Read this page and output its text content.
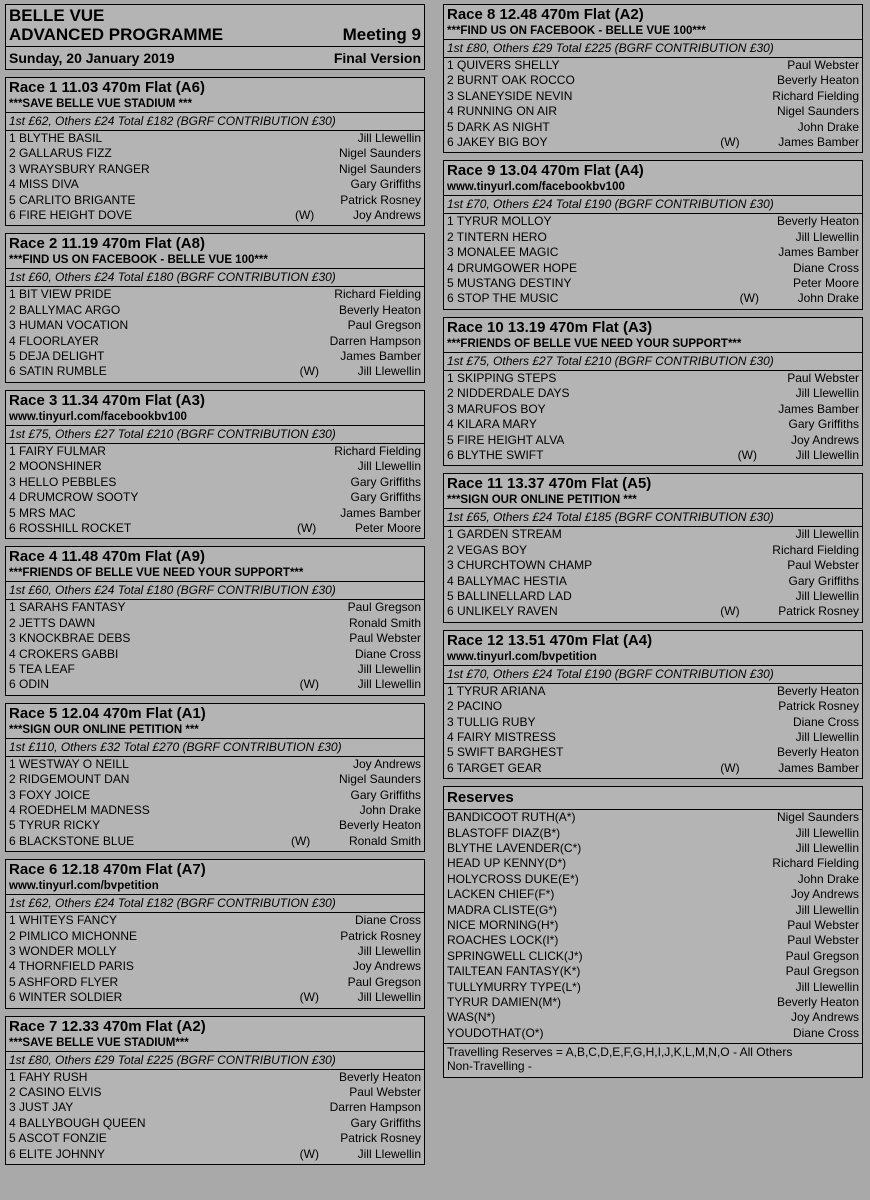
BELLE VUE
ADVANCED PROGRAMME	Meeting 9
Sunday, 20 January 2019	Final Version
Race 1 11.03 470m Flat (A6)
***SAVE BELLE VUE STADIUM ***
1st £62, Others £24 Total £182 (BGRF CONTRIBUTION £30)
1 BLYTHE BASIL	Jill Llewellin
2 GALLARUS FIZZ	Nigel Saunders
3 WRAYSBURY RANGER	Nigel Saunders
4 MISS DIVA	Gary Griffiths
5 CARLITO BRIGANTE	Patrick Rosney
6 FIRE HEIGHT DOVE	(W)	Joy Andrews
Race 2 11.19 470m Flat (A8)
***FIND US ON FACEBOOK - BELLE VUE 100***
1st £60, Others £24 Total £180 (BGRF CONTRIBUTION £30)
1 BIT VIEW PRIDE	Richard Fielding
2 BALLYMAC ARGO	Beverly Heaton
3 HUMAN VOCATION	Paul Gregson
4 FLOORLAYER	Darren Hampson
5 DEJA DELIGHT	James Bamber
6 SATIN RUMBLE	(W)	Jill Llewellin
Race 3 11.34 470m Flat (A3)
www.tinyurl.com/facebookbv100
1st £75, Others £27 Total £210 (BGRF CONTRIBUTION £30)
1 FAIRY FULMAR	Richard Fielding
2 MOONSHINER	Jill Llewellin
3 HELLO PEBBLES	Gary Griffiths
4 DRUMCROW SOOTY	Gary Griffiths
5 MRS MAC	James Bamber
6 ROSSHILL ROCKET	(W)	Peter Moore
Race 4 11.48 470m Flat (A9)
***FRIENDS OF BELLE VUE NEED YOUR SUPPORT***
1st £60, Others £24 Total £180 (BGRF CONTRIBUTION £30)
1 SARAHS FANTASY	Paul Gregson
2 JETTS DAWN	Ronald Smith
3 KNOCKBRAE DEBS	Paul Webster
4 CROKERS GABBI	Diane Cross
5 TEA LEAF	Jill Llewellin
6 ODIN	(W)	Jill Llewellin
Race 5 12.04 470m Flat (A1)
***SIGN OUR ONLINE PETITION ***
1st £110, Others £32 Total £270 (BGRF CONTRIBUTION £30)
1 WESTWAY O NEILL	Joy Andrews
2 RIDGEMOUNT DAN	Nigel Saunders
3 FOXY JOICE	Gary Griffiths
4 ROEDHELM MADNESS	John Drake
5 TYRUR RICKY	Beverly Heaton
6 BLACKSTONE BLUE	(W)	Ronald Smith
Race 6 12.18 470m Flat (A7)
www.tinyurl.com/bvpetition
1st £62, Others £24 Total £182 (BGRF CONTRIBUTION £30)
1 WHITEYS FANCY	Diane Cross
2 PIMLICO MICHONNE	Patrick Rosney
3 WONDER MOLLY	Jill Llewellin
4 THORNFIELD PARIS	Joy Andrews
5 ASHFORD FLYER	Paul Gregson
6 WINTER SOLDIER	(W)	Jill Llewellin
Race 7 12.33 470m Flat (A2)
***SAVE BELLE VUE STADIUM***
1st £80, Others £29 Total £225 (BGRF CONTRIBUTION £30)
1 FAHY RUSH	Beverly Heaton
2 CASINO ELVIS	Paul Webster
3 JUST JAY	Darren Hampson
4 BALLYBOUGH QUEEN	Gary Griffiths
5 ASCOT FONZIE	Patrick Rosney
6 ELITE JOHNNY	(W)	Jill Llewellin
Race 8 12.48 470m Flat (A2)
***FIND US ON FACEBOOK - BELLE VUE 100***
1st £80, Others £29 Total £225 (BGRF CONTRIBUTION £30)
1 QUIVERS SHELLY	Paul Webster
2 BURNT OAK ROCCO	Beverly Heaton
3 SLANEYSIDE NEVIN	Richard Fielding
4 RUNNING ON AIR	Nigel Saunders
5 DARK AS NIGHT	John Drake
6 JAKEY BIG BOY	(W)	James Bamber
Race 9 13.04 470m Flat (A4)
www.tinyurl.com/facebookbv100
1st £70, Others £24 Total £190 (BGRF CONTRIBUTION £30)
1 TYRUR MOLLOY	Beverly Heaton
2 TINTERN HERO	Jill Llewellin
3 MONALEE MAGIC	James Bamber
4 DRUMGOWER HOPE	Diane Cross
5 MUSTANG DESTINY	Peter Moore
6 STOP THE MUSIC	(W)	John Drake
Race 10 13.19 470m Flat (A3)
***FRIENDS OF BELLE VUE NEED YOUR SUPPORT***
1st £75, Others £27 Total £210 (BGRF CONTRIBUTION £30)
1 SKIPPING STEPS	Paul Webster
2 NIDDERDALE DAYS	Jill Llewellin
3 MARUFOS BOY	James Bamber
4 KILARA MARY	Gary Griffiths
5 FIRE HEIGHT ALVA	Joy Andrews
6 BLYTHE SWIFT	(W)	Jill Llewellin
Race 11 13.37 470m Flat (A5)
***SIGN OUR ONLINE PETITION ***
1st £65, Others £24 Total £185 (BGRF CONTRIBUTION £30)
1 GARDEN STREAM	Jill Llewellin
2 VEGAS BOY	Richard Fielding
3 CHURCHTOWN CHAMP	Paul Webster
4 BALLYMAC HESTIA	Gary Griffiths
5 BALLINELLARD LAD	Jill Llewellin
6 UNLIKELY RAVEN	(W)	Patrick Rosney
Race 12 13.51 470m Flat (A4)
www.tinyurl.com/bvpetition
1st £70, Others £24 Total £190 (BGRF CONTRIBUTION £30)
1 TYRUR ARIANA	Beverly Heaton
2 PACINO	Patrick Rosney
3 TULLIG RUBY	Diane Cross
4 FAIRY MISTRESS	Jill Llewellin
5 SWIFT BARGHEST	Beverly Heaton
6 TARGET GEAR	(W)	James Bamber
Reserves
BANDICOOT RUTH(A*)	Nigel Saunders
BLASTOFF DIAZ(B*)	Jill Llewellin
BLYTHE LAVENDER(C*)	Jill Llewellin
HEAD UP KENNY(D*)	Richard Fielding
HOLYCROSS DUKE(E*)	John Drake
LACKEN CHIEF(F*)	Joy Andrews
MADRA CLISTE(G*)	Jill Llewellin
NICE MORNING(H*)	Paul Webster
ROACHES LOCK(I*)	Paul Webster
SPRINGWELL CLICK(J*)	Paul Gregson
TAILTEAN FANTASY(K*)	Paul Gregson
TULLYMURRY TYPE(L*)	Jill Llewellin
TYRUR DAMIEN(M*)	Beverly Heaton
WAS(N*)	Joy Andrews
YOUDOTHAT(O*)	Diane Cross
Travelling Reserves = A,B,C,D,E,F,G,H,I,J,K,L,M,N,O - All Others
Non-Travelling -
